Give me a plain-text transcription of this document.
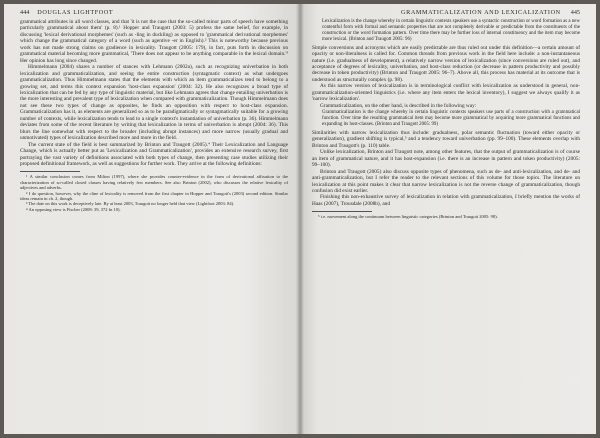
444 DOUGLAS LIGHTFOOT

grammatical attributes in all word classes, and that 'it is not the case that the so-called minor parts of speech have something particularly grammatical about them' (p. 8).¹ Hopper and Traugott (2003: 5) profess the same belief, for example, in discussing 'lexical derivational morphemes' (such as -ling in duckling) as opposed to 'grammatical derivational morphemes' which change the grammatical category of a word (such as agentive -er in English).² This is noteworthy because previous work has not made strong claims on gradience in lexicality. Traugott (2005: 179), in fact, puts forth in discussion on grammatical material becoming more grammatical, 'There does not appear to be anything comparable in the lexical domain.'³ Her opinion has long since changed.

Himmelmann (2004) shares a number of stances with Lehmann (2002a), such as recognizing univerbation in both lexicalization and grammaticalization, and seeing the entire construction (syntagmatic context) as what undergoes grammaticalization. Thus Himmelmann states that the elements with which an item grammaticalizes tend to belong to a growing set, and terms this context expansion 'host-class expansion' (2004: 32). He also recognizes a broad type of lexicalization that can be fed by any type of linguistic material, but like Lehmann agrees that change entailing univerbation is the more interesting and prevalent type of lexicalization when compared with grammaticalization. Though Himmelmann does not see these two types of change as opposites, he finds an opposition with respect to host-class expansion. Grammaticalization has it, as elements are generalized so as to be paradigmatically or syntagmatically suitable for a growing number of contexts, while lexicalization tends to lead to a single context's instantiation of univerbation (p. 36). Himmelmann deviates from some of the recent literature by writing that lexicalization in terms of univerbation is abrupt (2004: 36). This blurs the line somewhat with respect to the broader (including abrupt instances) and more narrow (usually gradual and unmotivated) types of lexicalization described more and more in the field.

The current state of the field is best summarized by Brinton and Traugott (2005).⁴ Their Lexicalization and Language Change, which is actually better put as 'Lexicalization and Grammaticalization', provides an extensive research survey, first portraying the vast variety of definitions associated with both types of change, then presenting case studies utilizing their proposed definitional framework, as well as suggestions for further work. They arrive at the following definitions:

¹ A similar conclusion comes from Milton (1997), where she provides counter-evidence in the form of derivational affixation to the characterization of so-called closed classes having relatively few members. See also Brinton (2002), who discusses the relative lexicality of adjectives and adverbs.

² I do question, however, why the cline of lexicality is removed from the first chapter in Hopper and Traugott's (2003) second edition. Similar ideas remain in ch. 2, though.

³ The date on this work is deceptively late. By at least 2003, Traugott no longer held that view (Lightfoot 2003: 84).

⁴ An opposing view is Fischer (2008: 39, 372 fn 10).

GRAMMATICALIZATION AND LEXICALIZATION 445
Lexicalization is the change whereby in certain linguistic contexts speakers use a syntactic construction or word formation as a new contentful form with formal and semantic properties that are not completely derivable or predictable from the constituents of the construction or the word formation pattern. Over time there may be further loss of internal constituency and the item may become more lexical. (Brinton and Traugott 2005: 96)

Simple conversions and acronyms which are easily predictable are thus ruled out under this definition—a certain amount of opacity or non-literalness is called for. Common threads from previous work in the field here include: a non-instantaneous nature (i.e. gradualness of development), a relatively narrow version of lexicalization (since conversions are ruled out), and acceptance of degrees of lexicality, univerbation, and host-class reduction (or decrease in pattern productivity and possibly decrease in token productivity) (Brinton and Traugott 2005: 96–7). Above all, this process has material at its outcome that is understood as structurally complex (p. 98).

As this narrow version of lexicalization is in terminological conflict with lexicalization as understood in general, non-grammaticalization-oriented linguistics (i.e. where any item enters the lexical inventory), I suggest we always qualify it as 'narrow lexicalization'.

Grammaticalization, on the other hand, is described in the following way:

Grammaticalization is the change whereby in certain linguistic contexts speakers use parts of a construction with a grammatical function. Over time the resulting grammatical item may become more grammatical by acquiring more grammatical functions and expanding its host-classes. (Brinton and Traugott 2005: 99)

Similarities with narrow lexicalization thus include: gradualness, polar semantic fluctuation (toward either opacity or generalization), gradient shifting is typical,⁵ and a tendency toward univerbation (pp. 99–100). These elements overlap with Brinton and Traugott's (p. 110) table.

Unlike lexicalization, Brinton and Traugott note, among other features, that the output of grammaticalization is of course an item of grammatical nature, and it has host-expansion (i.e. there is an increase in pattern and token productivity) (2005: 99–100).

Brinton and Traugott (2005) also discuss opposite types of phenomena, such as de- and anti-lexicalization, and de- and anti-grammaticalization, but I refer the reader to the relevant sections of this volume for those topics. The literature on lexicalization at this point makes it clear that narrow lexicalization is not the reverse change of grammaticalization, though confusion did exist earlier.

Finishing this non-exhaustive survey of lexicalization in relation with grammaticalization, I briefly mention the works of Haas (2007), Trousdale (2008b), and

⁵ i.e. movement along the continuum between linguistic categories (Brinton and Traugott 2005: 98).
